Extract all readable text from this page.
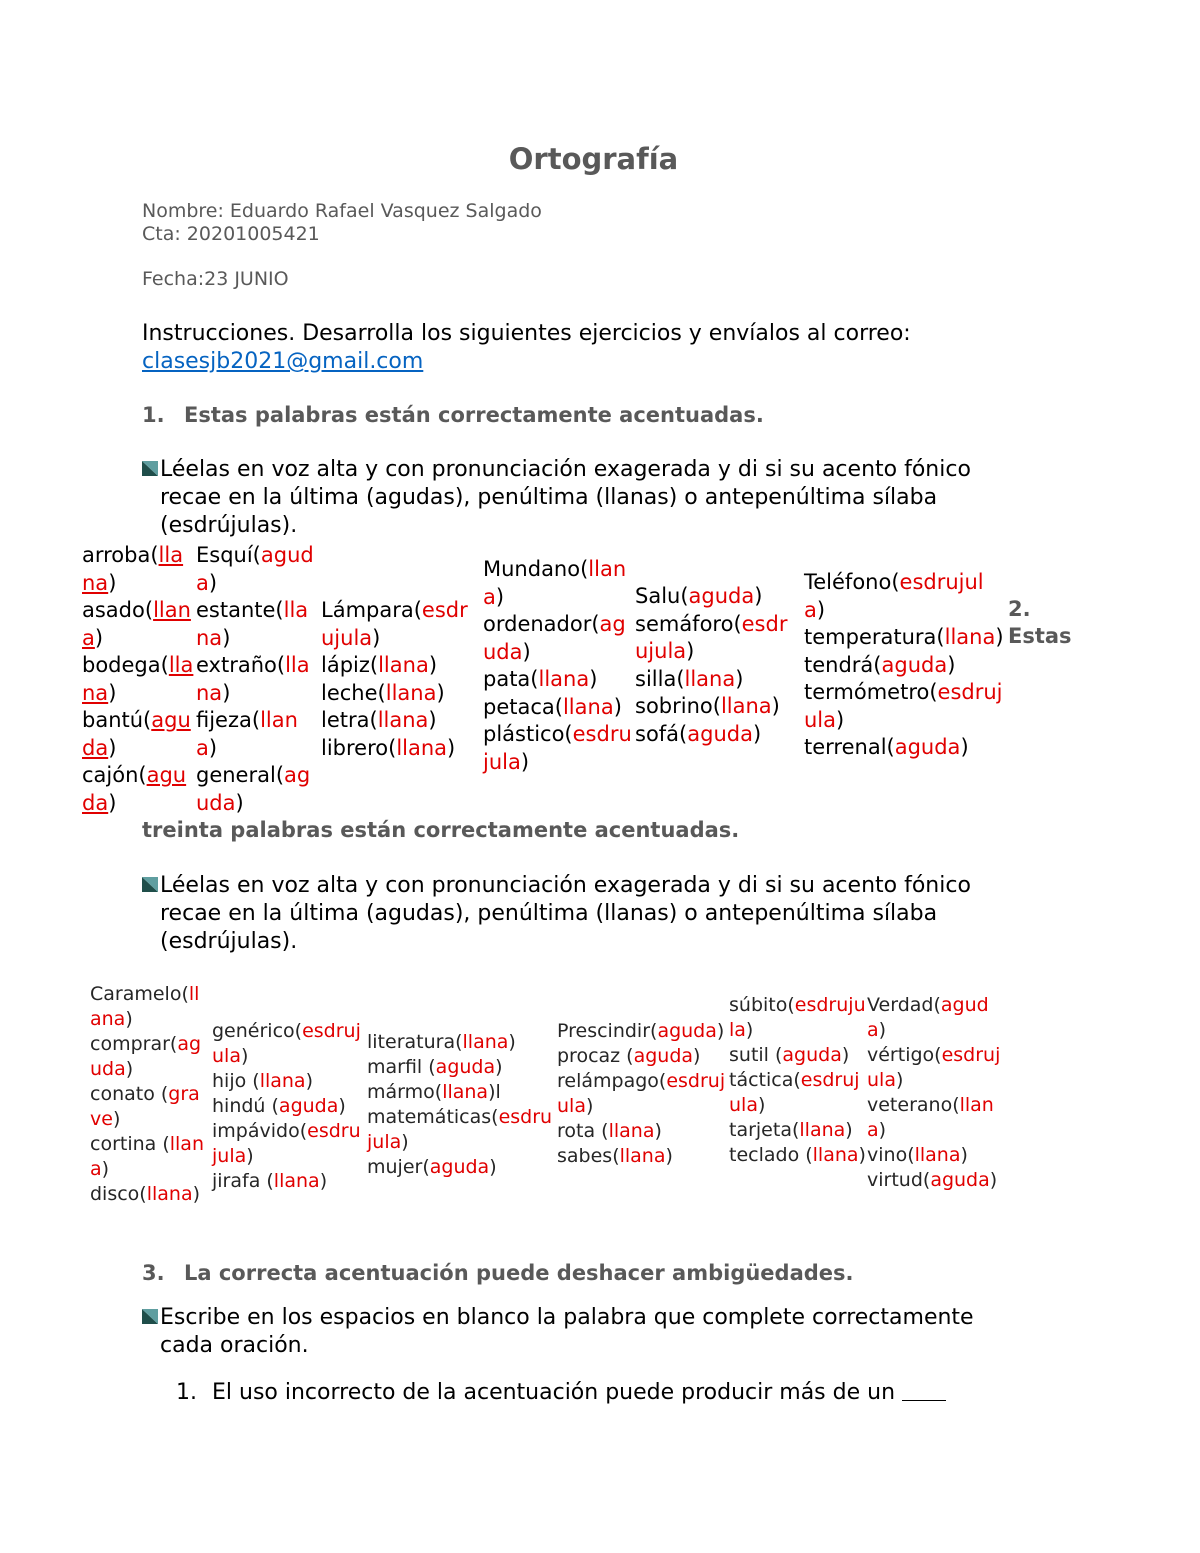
Ortografía
Nombre: Eduardo Rafael Vasquez Salgado
Cta: 20201005421
Fecha:23 JUNIO
Instrucciones. Desarrolla los siguientes ejercicios y envíalos al correo:
clasesjb2021@gmail.com
1. Estas palabras están correctamente acentuadas.
Léelas en voz alta y con pronunciación exagerada y di si su acento fónico
recae en la última (agudas), penúltima (llanas) o antepenúltima sílaba
(esdrújulas).
arroba(llana)
asado(llana)
bodega(llana)
bantú(aguda)
cajón(aguda)
Esquí(aguda)
estante(llana)
extraño(llana)
fijeza(llana)
general(aguda)
Lámpara(esdrujula)
lápiz(llana)
leche(llana)
letra(llana)
librero(llana)
Mundano(llana)
ordenador(aguda)
pata(llana)
petaca(llana)
plástico(esdrujula)
Salu(aguda)
semáforo(esdrujula)
silla(llana)
sobrino(llana)
sofá(aguda)
Teléfono(esdrujula)
temperatura(llana)
tendrá(aguda)
termómetro(esdrujula)
terrenal(aguda)
2. Estas
treinta palabras están correctamente acentuadas.
Léelas en voz alta y con pronunciación exagerada y di si su acento fónico
recae en la última (agudas), penúltima (llanas) o antepenúltima sílaba
(esdrújulas).
Caramelo(llana)
comprar(aguda)
conato (grave)
cortina (llana)
disco(llana)
genérico(esdrujula)
hijo (llana)
hindú (aguda)
impávido(esdrujula)
jirafa (llana)
literatura(llana)
marfil (aguda)
mármo(llana)l
matemáticas(esdrujula)
mujer(aguda)
Prescindir(aguda)
procaz (aguda)
relámpago(esdrujula)
rota (llana)
sabes(llana)
súbito(esdrujula)
sutil (aguda)
táctica(esdrujula)
tarjeta(llana)
teclado (llana)
Verdad(aguda)
vértigo(esdrujula)
veterano(llana)
vino(llana)
virtud(aguda)
3. La correcta acentuación puede deshacer ambigüedades.
Escribe en los espacios en blanco la palabra que complete correctamente
cada oración.
1. El uso incorrecto de la acentuación puede producir más de un
